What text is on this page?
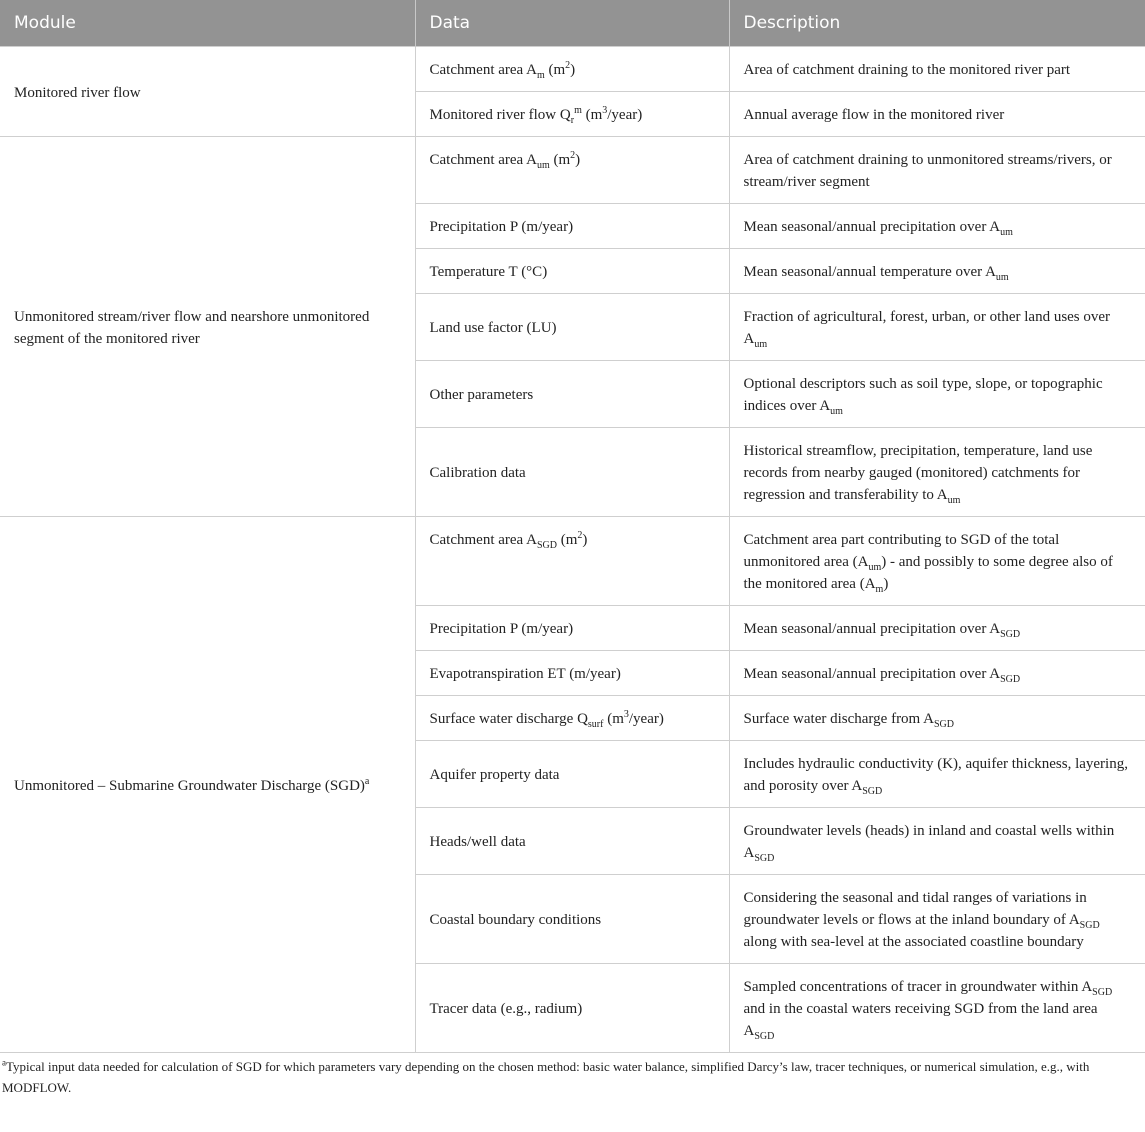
Module	Data	Description
Monitored river flow	Catchment area $A_m$ $(m^2)$	Area of catchment draining to the monitored river part
	Monitored river flow $Q_r^m$ $(m^3/year)$	Annual average flow in the monitored river
Unmonitored stream/river flow and nearshore unmonitored segment of the monitored river	Catchment area $A_{um}$ $(m^2)$	Area of catchment draining to unmonitored streams/rivers, or stream/river segment
	Precipitation P (m/year)	Mean seasonal/annual precipitation over $A_{um}$
	Temperature T (°C)	Mean seasonal/annual temperature over $A_{um}$
	Land use factor (LU)	Fraction of agricultural, forest, urban, or other land uses over $A_{um}$
	Other parameters	Optional descriptors such as soil type, slope, or topographic indices over $A_{um}$
	Calibration data	Historical streamflow, precipitation, temperature, land use records from nearby gauged (monitored) catchments for regression and transferability to $A_{um}$
Unmonitored – Submarine Groundwater Discharge (SGD)$^a$	Catchment area $A_{SGD}$ $(m^2)$	Catchment area part contributing to SGD of the total unmonitored area $(A_{um})$ - and possibly to some degree also of the monitored area $(A_m)$
	Precipitation P (m/year)	Mean seasonal/annual precipitation over $A_{SGD}$
	Evapotranspiration ET (m/year)	Mean seasonal/annual precipitation over $A_{SGD}$
	Surface water discharge $Q_{surf}$ $(m^3/year)$	Surface water discharge from $A_{SGD}$
	Aquifer property data	Includes hydraulic conductivity (K), aquifer thickness, layering, and porosity over $A_{SGD}$
	Heads/well data	Groundwater levels (heads) in inland and coastal wells within $A_{SGD}$
	Coastal boundary conditions	Considering the seasonal and tidal ranges of variations in groundwater levels or flows at the inland boundary of $A_{SGD}$ along with sea-level at the associated coastline boundary
	Tracer data (e.g., radium)	Sampled concentrations of tracer in groundwater within $A_{SGD}$ and in the coastal waters receiving SGD from the land area $A_{SGD}$
$^a$Typical input data needed for calculation of SGD for which parameters vary depending on the chosen method: basic water balance, simplified Darcy’s law, tracer techniques, or numerical simulation, e.g., with MODFLOW.
